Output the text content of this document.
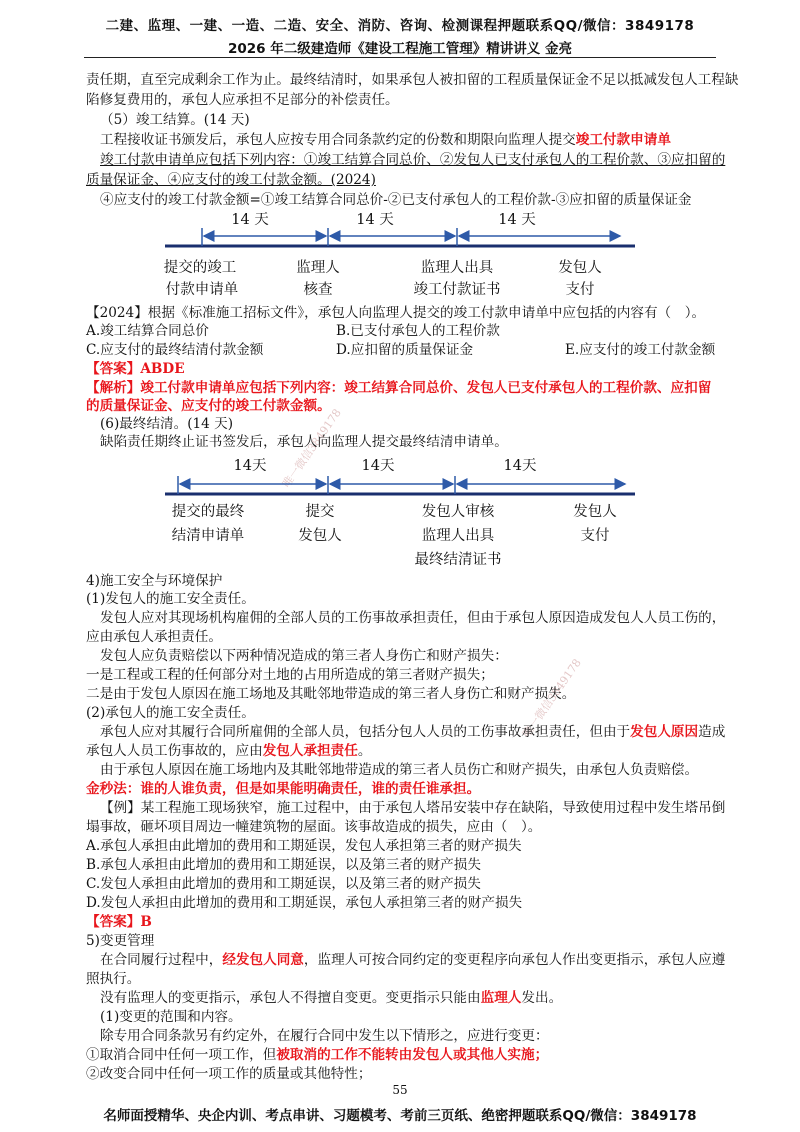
二建、监理、一建、一造、二造、安全、消防、咨询、检测课程押题联系QQ/微信：3849178
2026 年二级建造师《建设工程施工管理》精讲讲义 金亮
唯一微信3849178
唯一微信3849178
责任期，直至完成剩余工作为止。最终结清时，如果承包人被扣留的工程质量保证金不足以抵减发包人工程缺
陷修复费用的，承包人应承担不足部分的补偿责任。
（5）竣工结算。(14 天)
工程接收证书颁发后，承包人应按专用合同条款约定的份数和期限向监理人提交竣工付款申请单
竣工付款申请单应包括下列内容：①竣工结算合同总价、②发包人已支付承包人的工程价款、③应扣留的
质量保证金、④应支付的竣工付款金额。(2024)
④应支付的竣工付款金额=①竣工结算合同总价-②已支付承包人的工程价款-③应扣留的质量保证金
14 天	14 天	14 天
提交的竣工
付款申请单
监理人
核查
监理人出具
竣工付款证书
发包人
支付
【2024】根据《标准施工招标文件》，承包人向监理人提交的竣工付款申请单中应包括的内容有（　）。
A.竣工结算合同总价	B.已支付承包人的工程价款
C.应支付的最终结清付款金额	D.应扣留的质量保证金	E.应支付的竣工付款金额
【答案】ABDE
【解析】竣工付款申请单应包括下列内容：竣工结算合同总价、发包人已支付承包人的工程价款、应扣留
的质量保证金、应支付的竣工付款金额。
(6)最终结清。(14 天)
缺陷责任期终止证书签发后，承包人向监理人提交最终结清申请单。
14天	14天	14天
提交的最终
结清申请单
提交
发包人
发包人审核
监理人出具
最终结清证书
发包人
支付
4)施工安全与环境保护
(1)发包人的施工安全责任。
发包人应对其现场机构雇佣的全部人员的工伤事故承担责任，但由于承包人原因造成发包人人员工伤的，
应由承包人承担责任。
发包人应负责赔偿以下两种情况造成的第三者人身伤亡和财产损失：
一是工程或工程的任何部分对土地的占用所造成的第三者财产损失；
二是由于发包人原因在施工场地及其毗邻地带造成的第三者人身伤亡和财产损失。
(2)承包人的施工安全责任。
承包人应对其履行合同所雇佣的全部人员，包括分包人人员的工伤事故承担责任，但由于发包人原因造成
承包人人员工伤事故的，应由发包人承担责任。
由于承包人原因在施工场地内及其毗邻地带造成的第三者人员伤亡和财产损失，由承包人负责赔偿。
金秒法：谁的人谁负责，但是如果能明确责任，谁的责任谁承担。
【例】某工程施工现场狭窄，施工过程中，由于承包人塔吊安装中存在缺陷，导致使用过程中发生塔吊倒
塌事故，砸坏项目周边一幢建筑物的屋面。该事故造成的损失，应由（　）。
A.承包人承担由此增加的费用和工期延误，发包人承担第三者的财产损失
B.承包人承担由此增加的费用和工期延误，以及第三者的财产损失
C.发包人承担由此增加的费用和工期延误，以及第三者的财产损失
D.发包人承担由此增加的费用和工期延误，承包人承担第三者的财产损失
【答案】B
5)变更管理
在合同履行过程中，经发包人同意，监理人可按合同约定的变更程序向承包人作出变更指示，承包人应遵
照执行。
没有监理人的变更指示，承包人不得擅自变更。变更指示只能由监理人发出。
(1)变更的范围和内容。
除专用合同条款另有约定外，在履行合同中发生以下情形之，应进行变更：
①取消合同中任何一项工作，但被取消的工作不能转由发包人或其他人实施；
②改变合同中任何一项工作的质量或其他特性；
55
名师面授精华、央企内训、考点串讲、习题模考、考前三页纸、绝密押题联系QQ/微信：3849178
